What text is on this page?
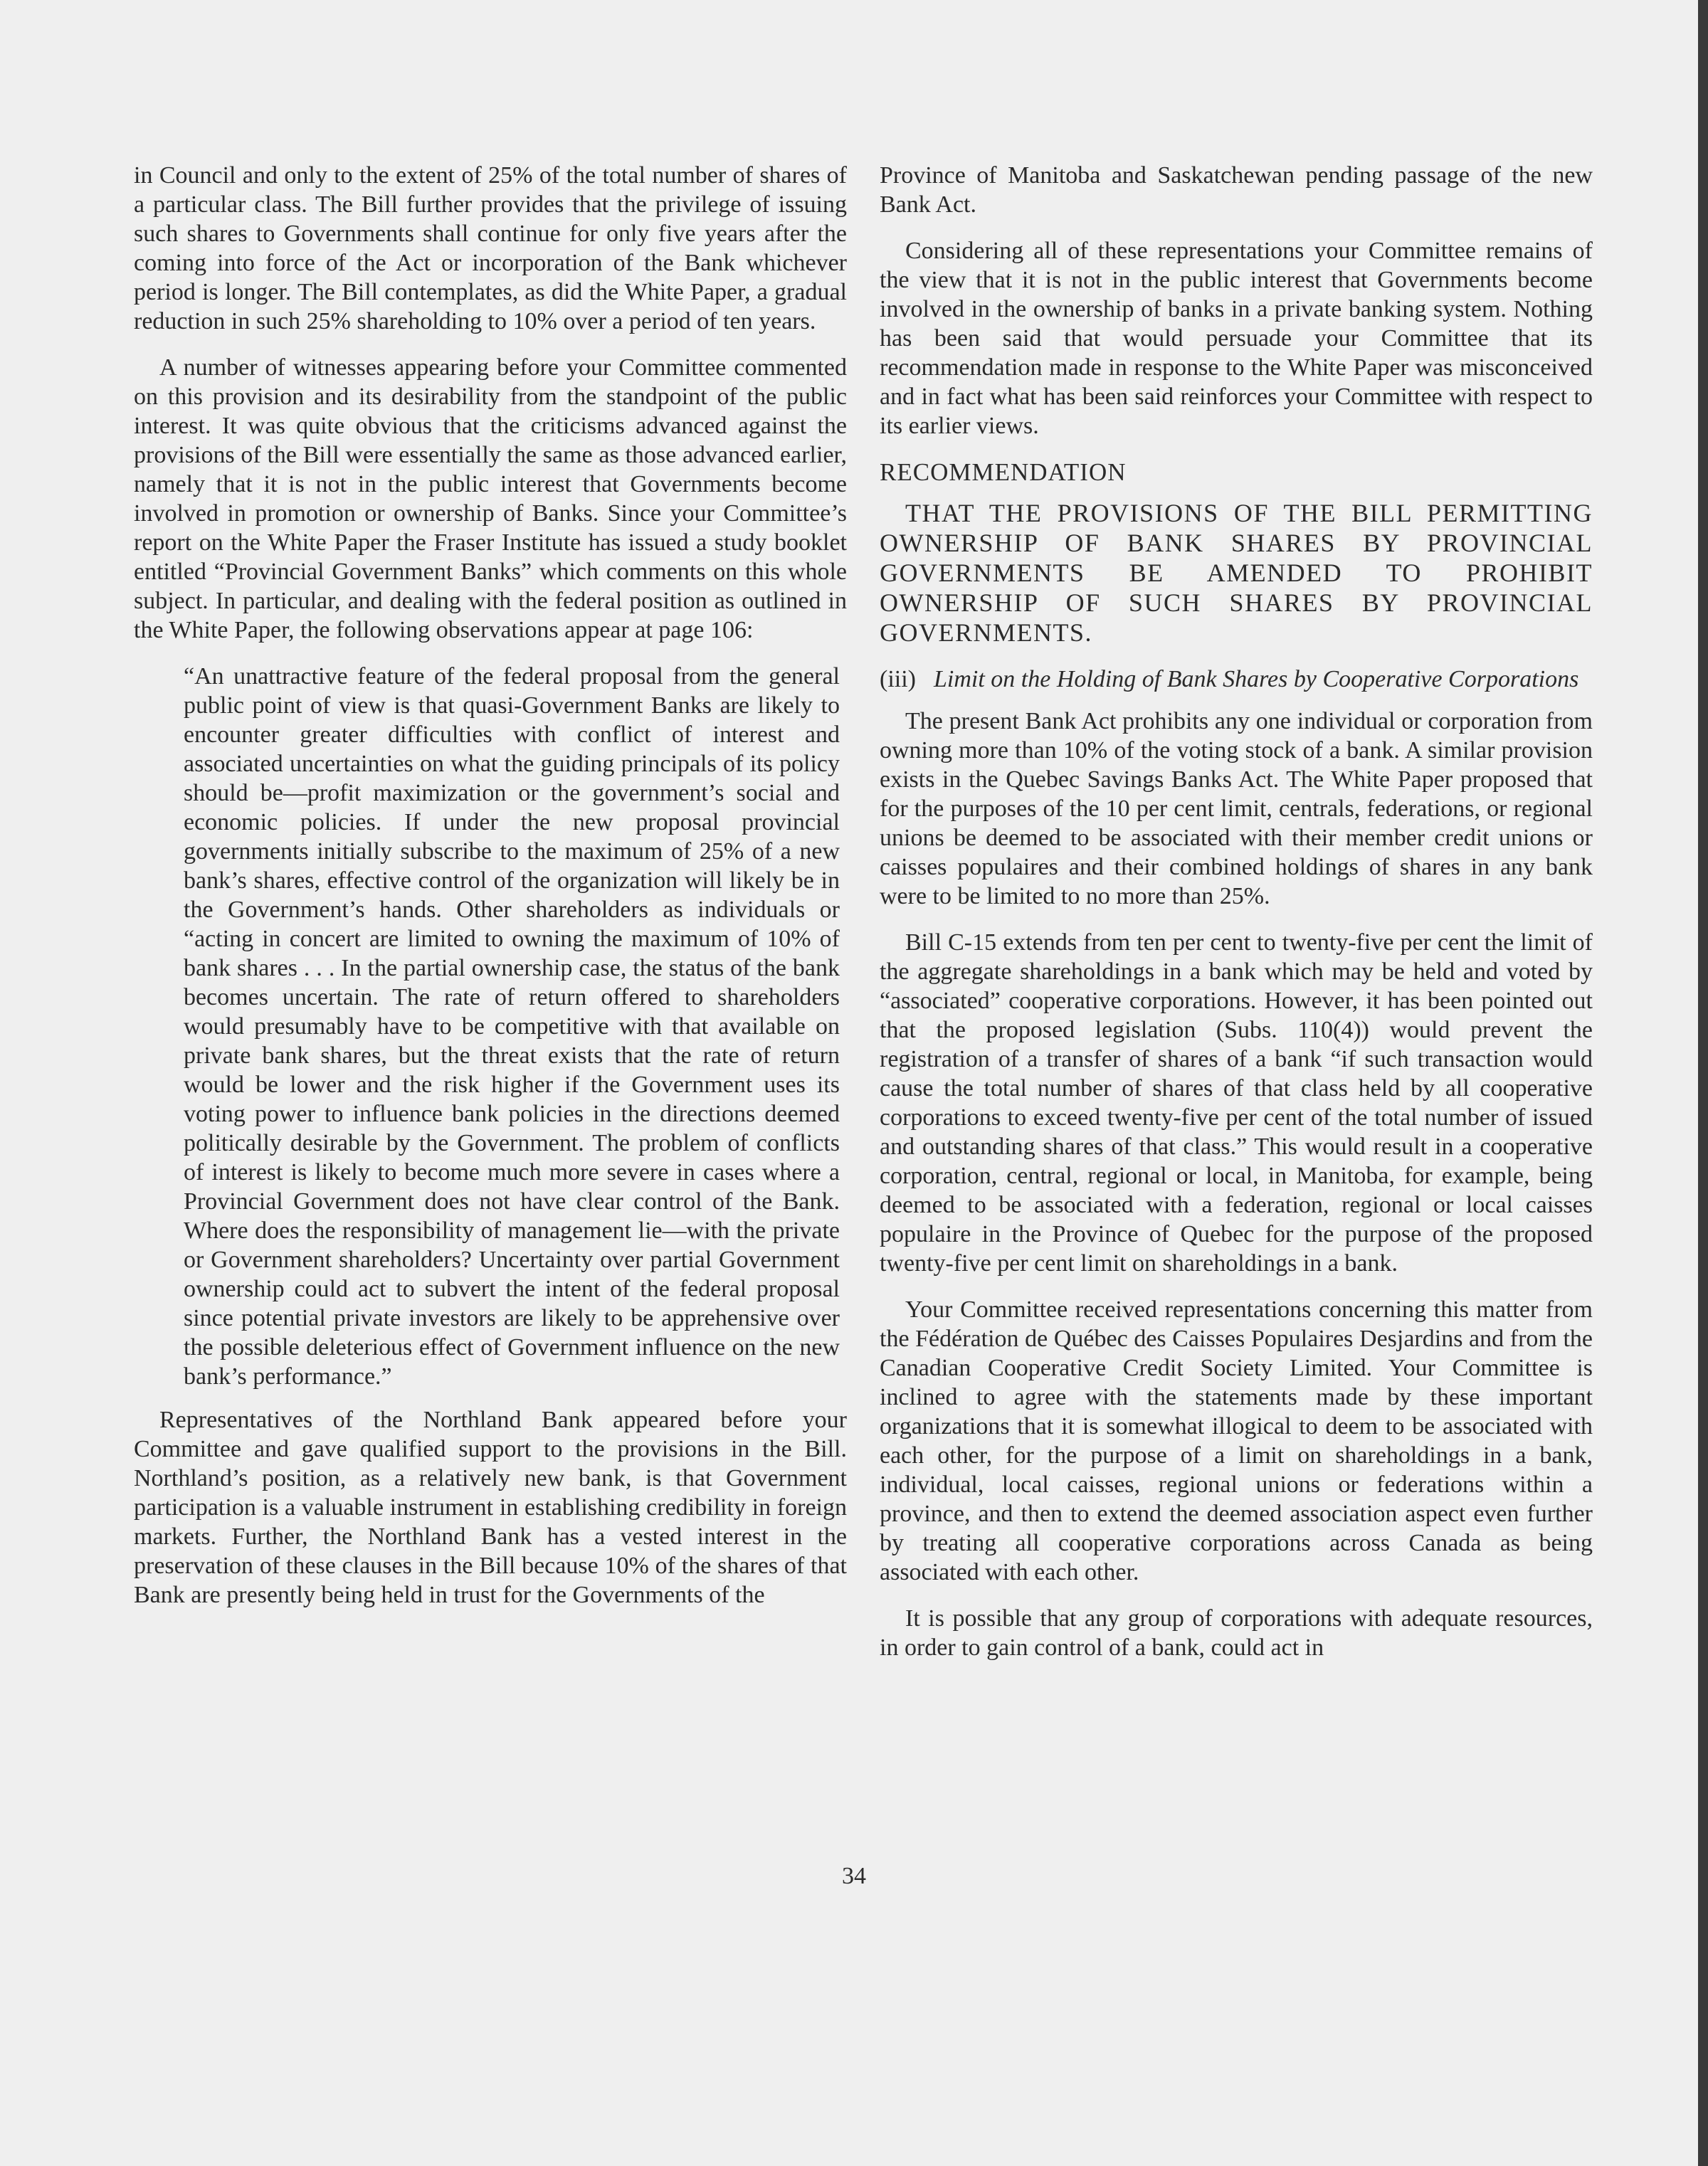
in Council and only to the extent of 25% of the total number of shares of a particular class. The Bill further provides that the privilege of issuing such shares to Governments shall continue for only five years after the coming into force of the Act or incorporation of the Bank whichever period is longer. The Bill contemplates, as did the White Paper, a gradual reduction in such 25% shareholding to 10% over a period of ten years.

A number of witnesses appearing before your Committee commented on this provision and its desirability from the standpoint of the public interest. It was quite obvious that the criticisms advanced against the provisions of the Bill were essentially the same as those advanced earlier, namely that it is not in the public interest that Governments become involved in promotion or ownership of Banks. Since your Committee’s report on the White Paper the Fraser Institute has issued a study booklet entitled “Provincial Government Banks” which comments on this whole subject. In particular, and dealing with the federal position as outlined in the White Paper, the following observations appear at page 106:

“An unattractive feature of the federal proposal from the general public point of view is that quasi-Government Banks are likely to encounter greater difficulties with conflict of interest and associated uncertainties on what the guiding principals of its policy should be—profit maximization or the government’s social and economic policies. If under the new proposal provincial governments initially subscribe to the maximum of 25% of a new bank’s shares, effective control of the organization will likely be in the Government’s hands. Other shareholders as individuals or “acting in concert are limited to owning the maximum of 10% of bank shares . . . In the partial ownership case, the status of the bank becomes uncertain. The rate of return offered to shareholders would presumably have to be competitive with that available on private bank shares, but the threat exists that the rate of return would be lower and the risk higher if the Government uses its voting power to influence bank policies in the directions deemed politically desirable by the Government. The problem of conflicts of interest is likely to become much more severe in cases where a Provincial Government does not have clear control of the Bank. Where does the responsibility of management lie—with the private or Government shareholders? Uncertainty over partial Government ownership could act to subvert the intent of the federal proposal since potential private investors are likely to be apprehensive over the possible deleterious effect of Government influence on the new bank’s performance.”

Representatives of the Northland Bank appeared before your Committee and gave qualified support to the provisions in the Bill. Northland’s position, as a relatively new bank, is that Government participation is a valuable instrument in establishing credibility in foreign markets. Further, the Northland Bank has a vested interest in the preservation of these clauses in the Bill because 10% of the shares of that Bank are presently being held in trust for the Governments of the

Province of Manitoba and Saskatchewan pending passage of the new Bank Act.

Considering all of these representations your Committee remains of the view that it is not in the public interest that Governments become involved in the ownership of banks in a private banking system. Nothing has been said that would persuade your Committee that its recommendation made in response to the White Paper was misconceived and in fact what has been said reinforces your Committee with respect to its earlier views.

RECOMMENDATION

THAT THE PROVISIONS OF THE BILL PERMITTING OWNERSHIP OF BANK SHARES BY PROVINCIAL GOVERNMENTS BE AMENDED TO PROHIBIT OWNERSHIP OF SUCH SHARES BY PROVINCIAL GOVERNMENTS.

(iii) Limit on the Holding of Bank Shares by Cooperative Corporations

The present Bank Act prohibits any one individual or corporation from owning more than 10% of the voting stock of a bank. A similar provision exists in the Quebec Savings Banks Act. The White Paper proposed that for the purposes of the 10 per cent limit, centrals, federations, or regional unions be deemed to be associated with their member credit unions or caisses populaires and their combined holdings of shares in any bank were to be limited to no more than 25%.

Bill C-15 extends from ten per cent to twenty-five per cent the limit of the aggregate shareholdings in a bank which may be held and voted by “associated” cooperative corporations. However, it has been pointed out that the proposed legislation (Subs. 110(4)) would prevent the registration of a transfer of shares of a bank “if such transaction would cause the total number of shares of that class held by all cooperative corporations to exceed twenty-five per cent of the total number of issued and outstanding shares of that class.” This would result in a cooperative corporation, central, regional or local, in Manitoba, for example, being deemed to be associated with a federation, regional or local caisses populaire in the Province of Quebec for the purpose of the proposed twenty-five per cent limit on shareholdings in a bank.

Your Committee received representations concerning this matter from the Fédération de Québec des Caisses Populaires Desjardins and from the Canadian Cooperative Credit Society Limited. Your Committee is inclined to agree with the statements made by these important organizations that it is somewhat illogical to deem to be associated with each other, for the purpose of a limit on shareholdings in a bank, individual, local caisses, regional unions or federations within a province, and then to extend the deemed association aspect even further by treating all cooperative corporations across Canada as being associated with each other.

It is possible that any group of corporations with adequate resources, in order to gain control of a bank, could act in

34
